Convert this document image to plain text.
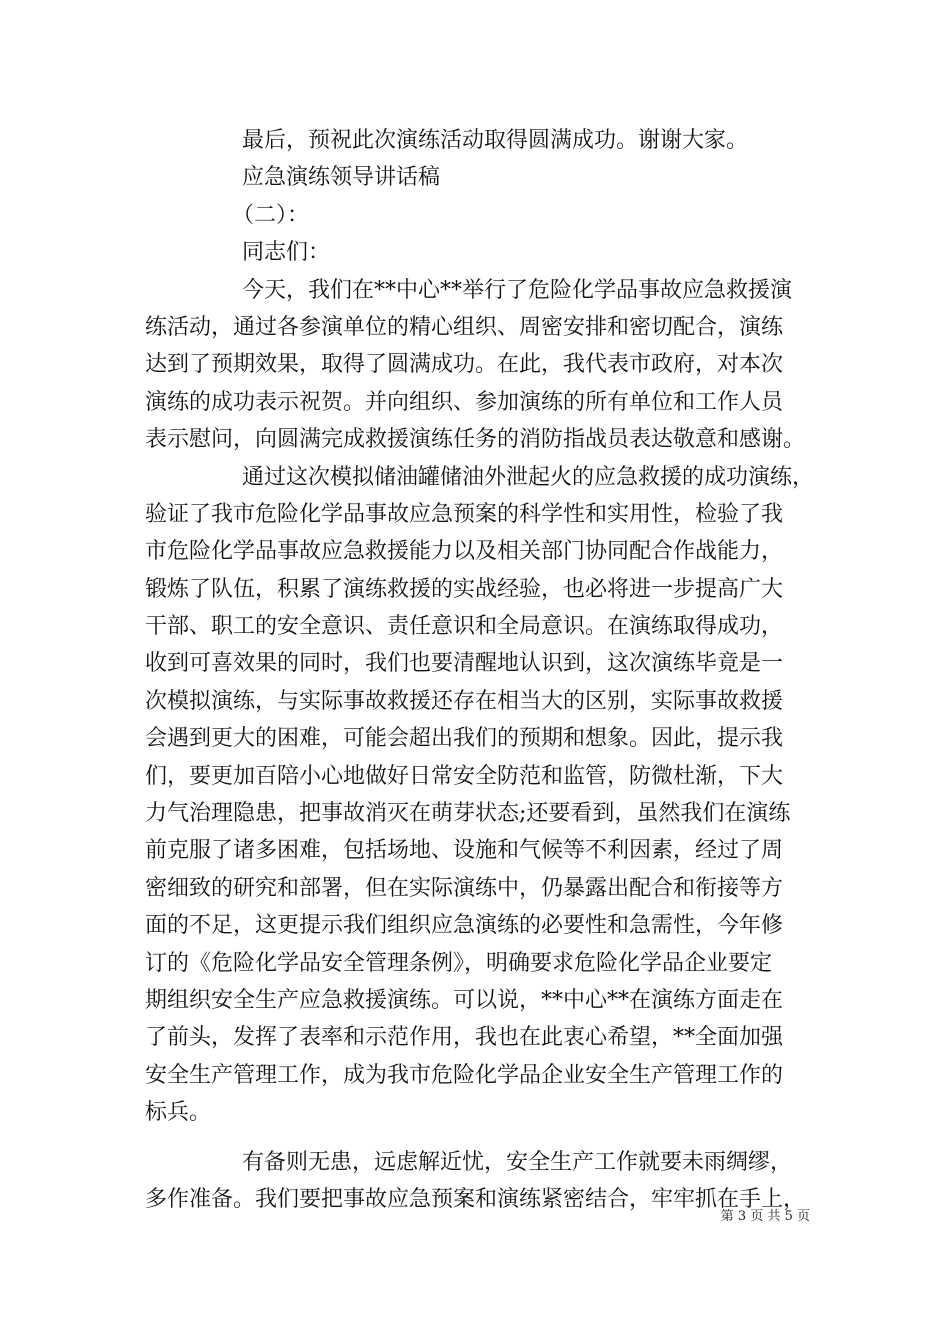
最后，预祝此次演练活动取得圆满成功。谢谢大家。
应急演练领导讲话稿
（二）：
同志们：
今天，我们在**中心**举行了危险化学品事故应急救援演
练活动，通过各参演单位的精心组织、周密安排和密切配合，演练
达到了预期效果，取得了圆满成功。在此，我代表市政府，对本次
演练的成功表示祝贺。并向组织、参加演练的所有单位和工作人员
表示慰问，向圆满完成救援演练任务的消防指战员表达敬意和感谢。
通过这次模拟储油罐储油外泄起火的应急救援的成功演练，
验证了我市危险化学品事故应急预案的科学性和实用性，检验了我
市危险化学品事故应急救援能力以及相关部门协同配合作战能力，
锻炼了队伍，积累了演练救援的实战经验，也必将进一步提高广大
干部、职工的安全意识、责任意识和全局意识。在演练取得成功，
收到可喜效果的同时，我们也要清醒地认识到，这次演练毕竟是一
次模拟演练，与实际事故救援还存在相当大的区别，实际事故救援
会遇到更大的困难，可能会超出我们的预期和想象。因此，提示我
们，要更加百陪小心地做好日常安全防范和监管，防微杜渐，下大
力气治理隐患，把事故消灭在萌芽状态;还要看到，虽然我们在演练
前克服了诸多困难，包括场地、设施和气候等不利因素，经过了周
密细致的研究和部署，但在实际演练中，仍暴露出配合和衔接等方
面的不足，这更提示我们组织应急演练的必要性和急需性，今年修
订的《危险化学品安全管理条例》，明确要求危险化学品企业要定
期组织安全生产应急救援演练。可以说，**中心**在演练方面走在
了前头，发挥了表率和示范作用，我也在此衷心希望，**全面加强
安全生产管理工作，成为我市危险化学品企业安全生产管理工作的
标兵。
有备则无患，远虑解近忧，安全生产工作就要未雨绸缪，
多作准备。我们要把事故应急预案和演练紧密结合，牢牢抓在手上，
第 3 页 共 5 页
